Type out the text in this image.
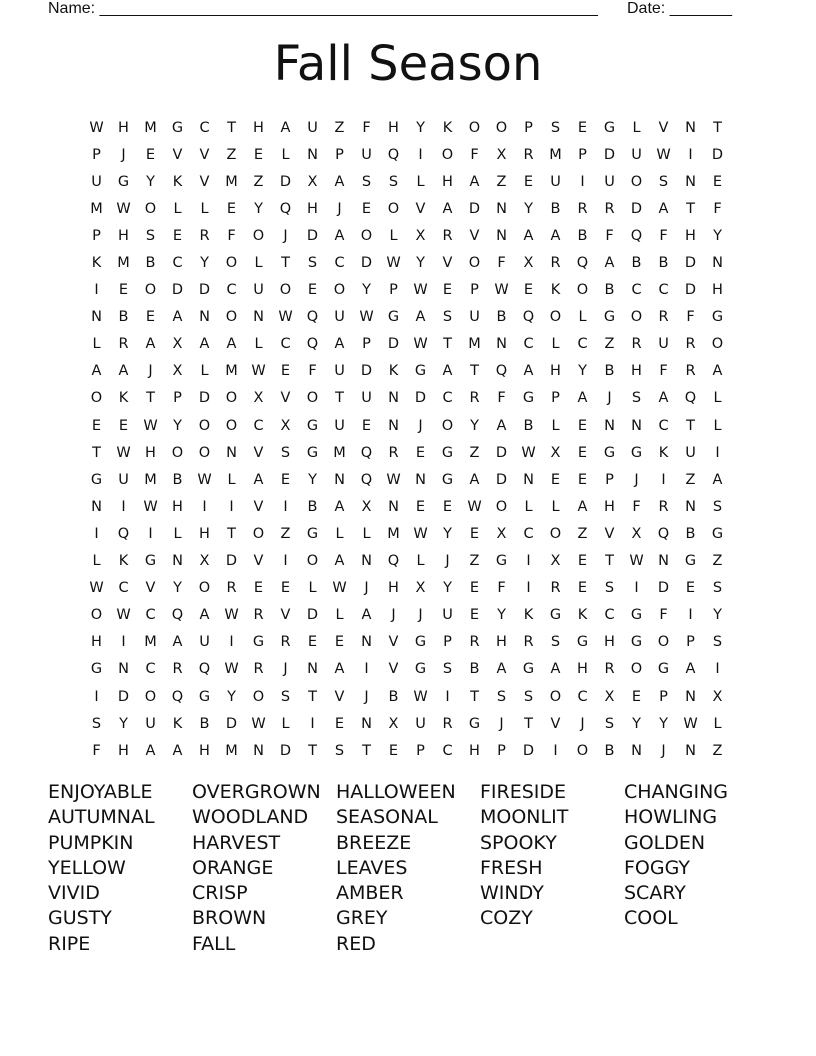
Name: ________________________________________________________ Date: _______
Fall Season
W H	M	G	C	T	H	A	U	Z	F	H	Y	K	O	O	P	S	E	G	L	V	N	T
P	J	E	V	V	Z	E	L	N	P	U	Q	I	O	F	X	R	M	P	D	U	W	I	D
U	G	Y	K	V	M	Z	D	X	A	S	S	L	H	A	Z	E	U	I	U	O	S	N	E
M W O	L	L	E	Y	Q	H	J	E	O	V	A	D	N	Y	B	R	R	D	A	T	F
P	H	S	E	R	F	O	J	D	A	O	L	X	R	V	N	A	A	B	F	Q	F	H	Y
K	M	B	C	Y	O	L	T	S	C	D W	Y	V	O	F	X	R	Q	A	B	B	D	N
I	E	O	D	D	C	U	O	E	O	Y	P	W	E	P	W	E	K	O	B	C	C	D	H
N	B	E	A	N	O	N W Q	U	W G	A	S	U	B	Q	O	L	G	O	R	F	G
L	R	A	X	A	A	L	C	Q	A	P	D W	T	M	N	C	L	C	Z	R	U	R	O
A	A	J	X	L	M W	E	F	U	D	K	G	A	T	Q	A	H	Y	B	H	F	R	A
O	K	T	P	D	O	X	V	O	T	U	N	D	C	R	F	G	P	A	J	S	A	Q	L
E	E	W	Y	O	O	C	X	G	U	E	N	J	O	Y	A	B	L	E	N	N	C	T	L
T	W H	O	O	N	V	S	G	M	Q	R	E	G	Z	D W	X	E	G	G	K	U	I
G	U	M	B	W	L	A	E	Y	N	Q W N	G	A	D	N	E	E	P	J	I	Z	A
N	I	W H	I	I	V	I	B	A	X	N	E	E	W O	L	L	A	H	F	R	N	S
I	Q	I	L	H	T	O	Z	G	L	L	M W	Y	E	X	C	O	Z	V	X	Q	B	G
L	K	G	N	X	D	V	I	O	A	N	Q	L	J	Z	G	I	X	E	T	W N	G	Z
W	C	V	Y	O	R	E	E	L	W	J	H	X	Y	E	F	I	R	E	S	I	D	E	S
O W	C	Q	A	W	R	V	D	L	A	J	J	U	E	Y	K	G	K	C	G	F	I	Y
H	I	M	A	U	I	G	R	E	E	N	V	G	P	R	H	R	S	G	H	G	O	P	S
G	N	C	R	Q W	R	J	N	A	I	V	G	S	B	A	G	A	H	R	O	G	A	I
I	D	O	Q	G	Y	O	S	T	V	J	B	W	I	T	S	S	O	C	X	E	P	N	X
S	Y	U	K	B	D W	L	I	E	N	X	U	R	G	J	T	V	J	S	Y	Y	W	L
F	H	A	A	H	M	N	D	T	S	T	E	P	C	H	P	D	I	O	B	N	J	N	Z
ENJOYABLE	OVERGROWN HALLOWEEN	FIRESIDE	CHANGING
AUTUMNAL	WOODLAND	SEASONAL	MOONLIT	HOWLING
PUMPKIN	HARVEST	BREEZE	SPOOKY	GOLDEN
YELLOW	ORANGE	LEAVES	FRESH	FOGGY
VIVID	CRISP	AMBER	WINDY	SCARY
GUSTY	BROWN	GREY	COZY	COOL
RIPE	FALL	RED
